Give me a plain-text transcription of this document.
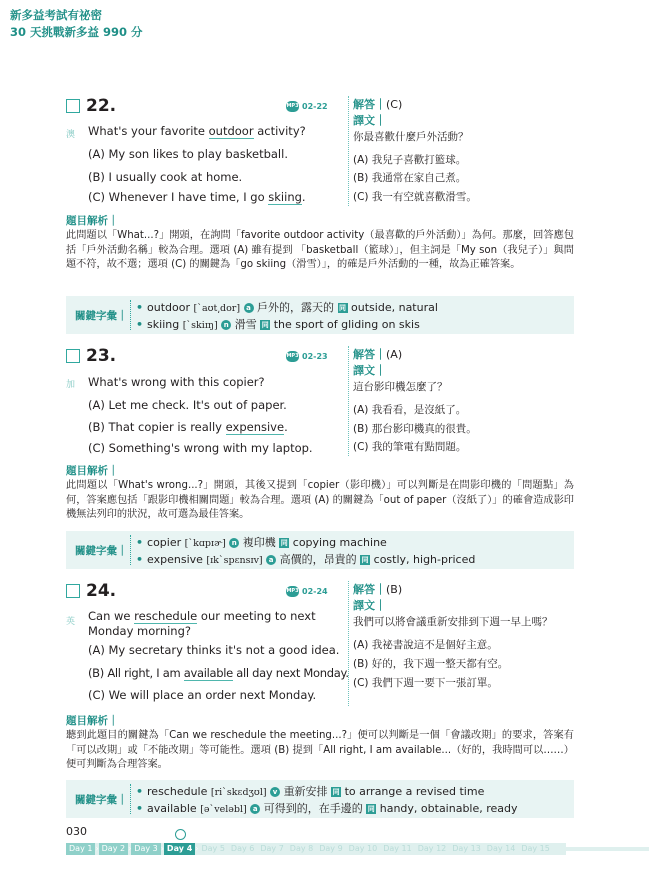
新多益考試有祕密
30 天挑戰新多益 990 分
22.	MP3 02-22
澳 What's your favorite outdoor activity?
(A) My son likes to play basketball.
(B) I usually cook at home.
(C) Whenever I have time, I go skiing.
解答｜(C)
譯文｜
你最喜歡什麼戶外活動？
(A) 我兒子喜歡打籃球。
(B) 我通常在家自己煮。
(C) 我一有空就喜歡滑雪。
題目解析｜
此問題以「What...?」開頭，在詢問「favorite outdoor activity（最喜歡的戶外活動）」為何。那麼，回答應包括「戶外活動名稱」較為合理。選項 (A) 雖有提到 「basketball（籃球）」，但主詞是「My son（我兒子）」與問題不符，故不選；選項 (C) 的關鍵為「go skiing（滑雪）」，的確是戶外活動的一種，故為正確答案。
關鍵字彙｜
• outdoor [ˋaʊt͵dor] a 戶外的，露天的 同 outside, natural
• skiing [ˋskiɪŋ] n 滑雪 同 the sport of gliding on skis
23.	MP3 02-23
加 What's wrong with this copier?
(A) Let me check. It's out of paper.
(B) That copier is really expensive.
(C) Something's wrong with my laptop.
解答｜(A)
譯文｜
這台影印機怎麼了？
(A) 我看看，是沒紙了。
(B) 那台影印機真的很貴。
(C) 我的筆電有點問題。
題目解析｜
此問題以「What's wrong...?」開頭，其後又提到「copier（影印機）」可以判斷是在問影印機的「問題點」為何，答案應包括「跟影印機相關問題」較為合理。選項 (A) 的關鍵為「out of paper（沒紙了）」的確會造成影印機無法列印的狀況，故可選為最佳答案。
關鍵字彙｜
• copier [ˋkɑpɪɚ] n 複印機 同 copying machine
• expensive [ɪkˋspɛnsɪv] a 高價的，昂貴的 同 costly, high-priced
24.	MP3 02-24
英 Can we reschedule our meeting to next Monday morning?
(A) My secretary thinks it's not a good idea.
(B) All right, I am available all day next Monday.
(C) We will place an order next Monday.
解答｜(B)
譯文｜
我們可以將會議重新安排到下週一早上嗎？
(A) 我祕書說這不是個好主意。
(B) 好的，我下週一整天都有空。
(C) 我們下週一要下一張訂單。
題目解析｜
聽到此題目的關鍵為「Can we reschedule the meeting...?」便可以判斷是一個「會議改期」的要求，答案有「可以改期」或「不能改期」等可能性。選項 (B) 提到「All right, I am available...（好的，我時間可以……）便可判斷為合理答案。
關鍵字彙｜
• reschedule [riˋskɛdʒʊl] v 重新安排 同 to arrange a revised time
• available [əˋveləbl] a 可得到的，在手邊的 同 handy, obtainable, ready
030
Day 1 › Day 2 › Day 3 › Day 4 › Day 5 Day 6 Day 7 Day 8 Day 9 Day 10 Day 11 Day 12 Day 13 Day 14 Day 15
